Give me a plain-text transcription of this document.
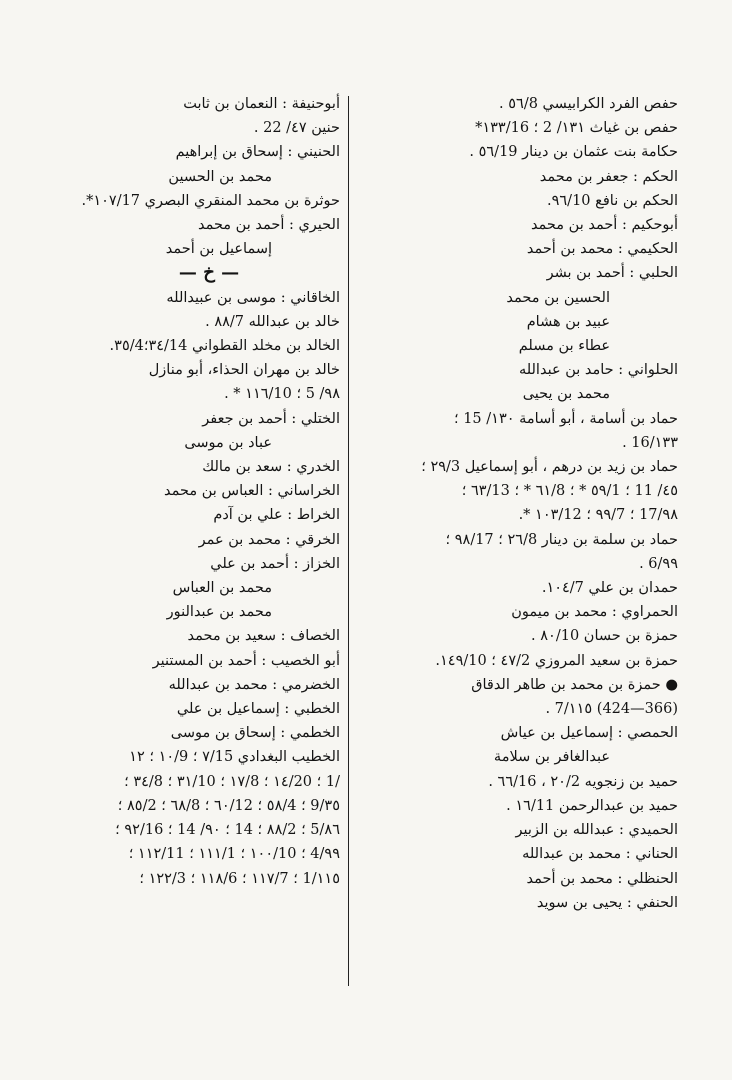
حفص الفرد الكرابيسي ٥٦/8 .
حفص بن غياث ١٣١/ 2 ؛ ١٣٣/16*
حكامة بنت عثمان بن دينار ٥٦/19 .
الحكم : جعفر بن محمد
الحكم بن نافع ٩٦/10.
أبوحكيم : أحمد بن محمد
الحكيمي : محمد بن أحمد
الحلبي : أحمد بن بشر
الحسين بن محمد
عبيد بن هشام
عطاء بن مسلم
الحلواني : حامد بن عبدالله
محمد بن يحيى
حماد بن أسامة ، أبو أسامة ١٣٠/ 15 ؛
١٣٣/16 .
حماد بن زيد بن درهم ، أبو إسماعيل ٢٩/3 ؛
٤٥/ 11 ؛ ٥٩/1 * ؛ ٦١/8 * ؛ ٦٣/13 ؛
٩٨/17 ؛ ٩٩/7 ؛ ١٠٣/12 *.
حماد بن سلمة بن دينار ٢٦/8 ؛ ٩٨/17 ؛
٩٩/6 .
حمدان بن علي ١٠٤/7.
الحمراوي : محمد بن ميمون
حمزة بن حسان ٨٠/10 .
حمزة بن سعيد المروزي ٤٧/2 ؛ ١٤٩/10.
● حمزة بن محمد بن طاهر الدقاق
(366—424) ١١٥/7 .
الحمصي : إسماعيل بن عياش
عبدالغافر بن سلامة
حميد بن زنجويه ٢٠/2 ، ٦٦/16 .
حميد بن عبدالرحمن ١٦/11 .
الحميدي : عبدالله بن الزبير
الحناني : محمد بن عبدالله
الحنظلي : محمد بن أحمد
الحنفي : يحيى بن سويد
أبوحنيفة : النعمان بن ثابت
حنين ٤٧/ 22 .
الحنيني : إسحاق بن إبراهيم
محمد بن الحسين
حوثرة بن محمد المنقري البصري ١٠٧/17*.
الحيري : أحمد بن محمد
إسماعيل بن أحمد
— خ —
الخاقاني : موسى بن عبيدالله
خالد بن عبدالله ٨٨/7 .
الخالد بن مخلد القطواني ٣٤/14؛٣٥/4.
خالد بن مهران الحذاء، أبو منازل
٩٨/ 5 ؛ ١١٦/10 * .
الختلي : أحمد بن جعفر
عباد بن موسى
الخدري : سعد بن مالك
الخراساني : العباس بن محمد
الخراط : علي بن آدم
الخرقي : محمد بن عمر
الخزاز : أحمد بن علي
محمد بن العباس
محمد بن عبدالنور
الخصاف : سعيد بن محمد
أبو الخصيب : أحمد بن المستنير
الخضرمي : محمد بن عبدالله
الخطبي : إسماعيل بن علي
الخطمي : إسحاق بن موسى
الخطيب البغدادي ٧/15 ؛ ١٠/9 ؛ ١٢
/1 ؛ ١٤/20 ؛ ١٧/8 ؛ ٣١/10 ؛ ٣٤/8 ؛
٣٥/9 ؛ ٥٨/4 ؛ ٦٠/12 ؛ ٦٨/8 ؛ ٨٥/2 ؛
٨٦/5 ؛ ٨٨/2 ؛ 14 ؛ ٩٠/ 14 ؛ ٩٢/16 ؛
٩٩/4 ؛ ١٠٠/10 ؛ ١١١/1 ؛ ١١٢/11 ؛
١١٥/1 ؛ ١١٧/7 ؛ ١١٨/6 ؛ ١٢٢/3 ؛
